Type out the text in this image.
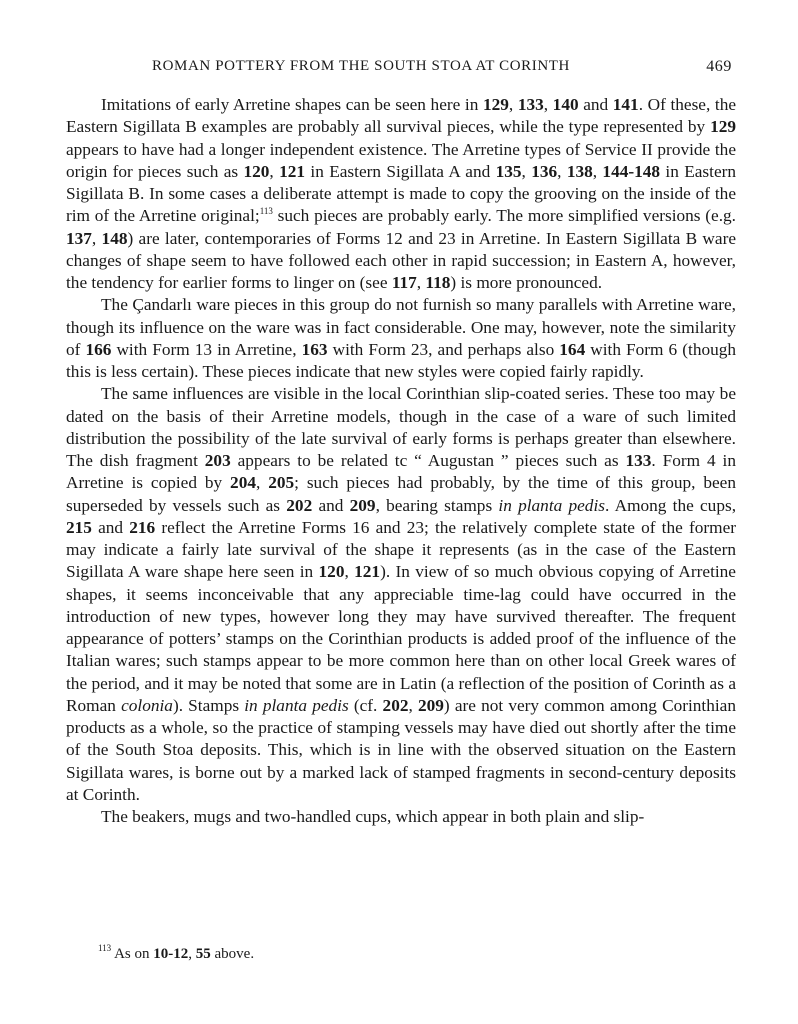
ROMAN POTTERY FROM THE SOUTH STOA AT CORINTH	469

Imitations of early Arretine shapes can be seen here in 129, 133, 140 and 141. Of these, the Eastern Sigillata B examples are probably all survival pieces, while the type represented by 129 appears to have had a longer independent existence. The Arretine types of Service II provide the origin for pieces such as 120, 121 in Eastern Sigillata A and 135, 136, 138, 144-148 in Eastern Sigillata B. In some cases a deliberate attempt is made to copy the grooving on the inside of the rim of the Arretine original;$^{113}$ such pieces are probably early. The more simplified versions (e.g. 137, 148) are later, contemporaries of Forms 12 and 23 in Arretine. In Eastern Sigillata B ware changes of shape seem to have followed each other in rapid succession; in Eastern A, however, the tendency for earlier forms to linger on (see 117, 118) is more pronounced.

The Çandarlı ware pieces in this group do not furnish so many parallels with Arretine ware, though its influence on the ware was in fact considerable. One may, however, note the similarity of 166 with Form 13 in Arretine, 163 with Form 23, and perhaps also 164 with Form 6 (though this is less certain). These pieces indicate that new styles were copied fairly rapidly.

The same influences are visible in the local Corinthian slip-coated series. These too may be dated on the basis of their Arretine models, though in the case of a ware of such limited distribution the possibility of the late survival of early forms is perhaps greater than elsewhere. The dish fragment 203 appears to be related tc “ Augustan ” pieces such as 133. Form 4 in Arretine is copied by 204, 205; such pieces had probably, by the time of this group, been superseded by vessels such as 202 and 209, bearing stamps in planta pedis. Among the cups, 215 and 216 reflect the Arretine Forms 16 and 23; the relatively complete state of the former may indicate a fairly late survival of the shape it represents (as in the case of the Eastern Sigillata A ware shape here seen in 120, 121). In view of so much obvious copying of Arretine shapes, it seems inconceivable that any appreciable time-lag could have occurred in the introduction of new types, however long they may have survived thereafter. The frequent appearance of potters’ stamps on the Corinthian products is added proof of the influence of the Italian wares; such stamps appear to be more common here than on other local Greek wares of the period, and it may be noted that some are in Latin (a reflection of the position of Corinth as a Roman colonia). Stamps in planta pedis (cf. 202, 209) are not very common among Corinthian products as a whole, so the practice of stamping vessels may have died out shortly after the time of the South Stoa deposits. This, which is in line with the observed situation on the Eastern Sigillata wares, is borne out by a marked lack of stamped fragments in second-century deposits at Corinth.

The beakers, mugs and two-handled cups, which appear in both plain and slip-

$^{113}$ As on 10-12, 55 above.
